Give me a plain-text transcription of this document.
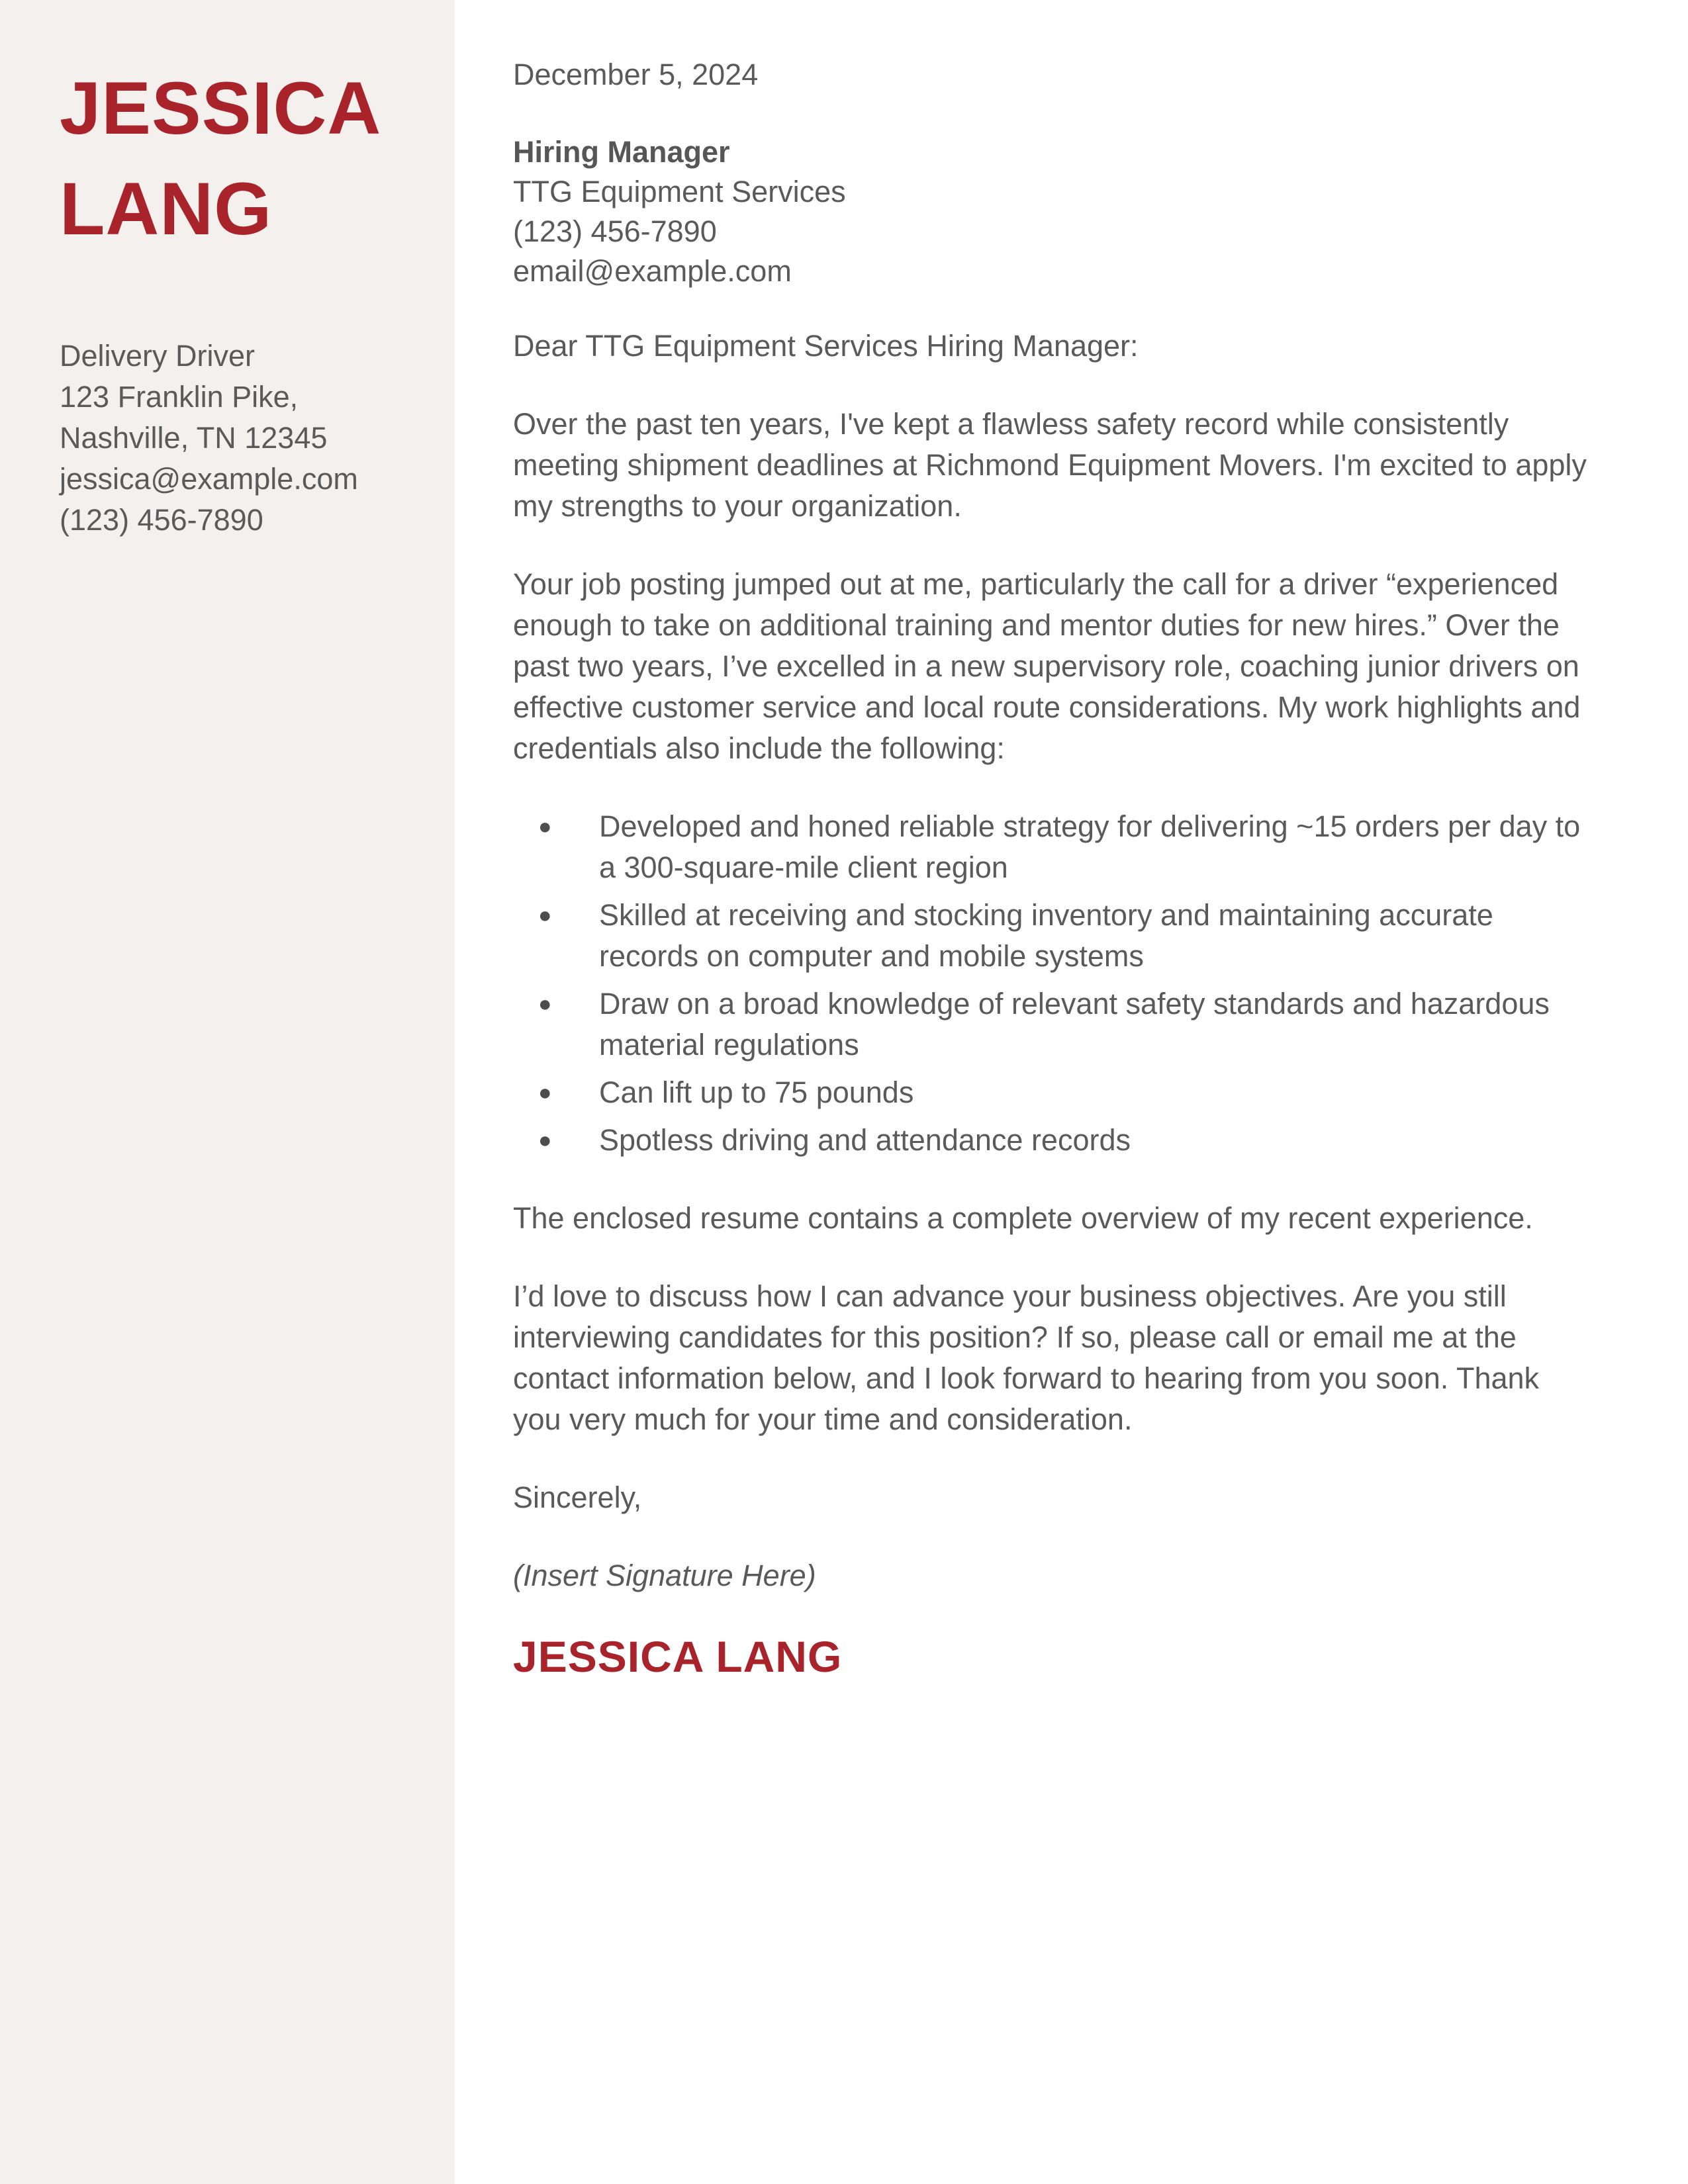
JESSICA
LANG

Delivery Driver

123 Franklin Pike,

Nashville, TN 12345

jessica@example.com

(123) 456-7890

December 5, 2024

Hiring Manager

TTG Equipment Services

(123) 456-7890

email@example.com

Dear TTG Equipment Services Hiring Manager:

Over the past ten years, I've kept a flawless safety record while consistently meeting shipment deadlines at Richmond Equipment Movers. I'm excited to apply my strengths to your organization.

Your job posting jumped out at me, particularly the call for a driver “experienced enough to take on additional training and mentor duties for new hires.” Over the past two years, I’ve excelled in a new supervisory role, coaching junior drivers on effective customer service and local route considerations. My work highlights and credentials also include the following:

● Developed and honed reliable strategy for delivering ~15 orders per day to a 300-square-mile client region
● Skilled at receiving and stocking inventory and maintaining accurate records on computer and mobile systems
● Draw on a broad knowledge of relevant safety standards and hazardous material regulations
● Can lift up to 75 pounds
● Spotless driving and attendance records

The enclosed resume contains a complete overview of my recent experience.

I’d love to discuss how I can advance your business objectives. Are you still interviewing candidates for this position? If so, please call or email me at the contact information below, and I look forward to hearing from you soon. Thank you very much for your time and consideration.

Sincerely,

(Insert Signature Here)

JESSICA LANG
